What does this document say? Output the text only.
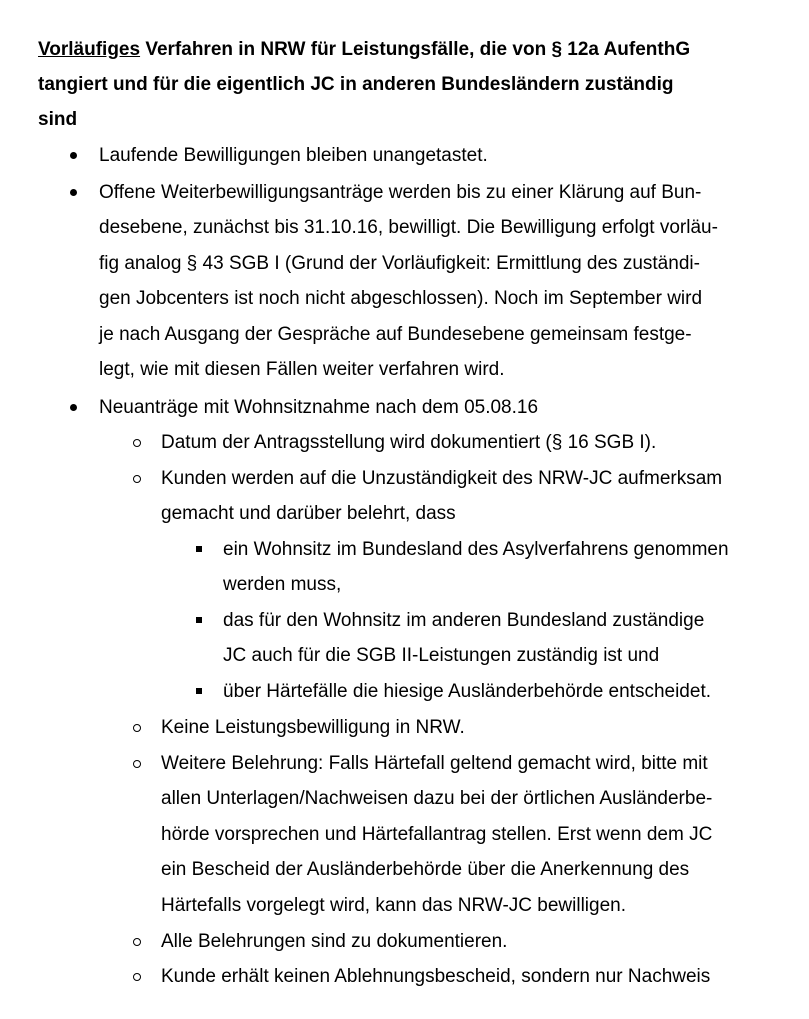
Vorläufiges Verfahren in NRW für Leistungsfälle, die von § 12a AufenthG
tangiert und für die eigentlich JC in anderen Bundesländern zuständig
sind
Laufende Bewilligungen bleiben unangetastet.
Offene Weiterbewilligungsanträge werden bis zu einer Klärung auf Bun-
desebene, zunächst bis 31.10.16, bewilligt. Die Bewilligung erfolgt vorläu-
fig analog § 43 SGB I (Grund der Vorläufigkeit: Ermittlung des zuständi-
gen Jobcenters ist noch nicht abgeschlossen). Noch im September wird
je nach Ausgang der Gespräche auf Bundesebene gemeinsam festge-
legt, wie mit diesen Fällen weiter verfahren wird.
Neuanträge mit Wohnsitznahme nach dem 05.08.16
Datum der Antragsstellung wird dokumentiert (§ 16 SGB I).
Kunden werden auf die Unzuständigkeit des NRW-JC aufmerksam
gemacht und darüber belehrt, dass
ein Wohnsitz im Bundesland des Asylverfahrens genommen
werden muss,
das für den Wohnsitz im anderen Bundesland zuständige
JC auch für die SGB II-Leistungen zuständig ist und
über Härtefälle die hiesige Ausländerbehörde entscheidet.
Keine Leistungsbewilligung in NRW.
Weitere Belehrung: Falls Härtefall geltend gemacht wird, bitte mit
allen Unterlagen/Nachweisen dazu bei der örtlichen Ausländerbe-
hörde vorsprechen und Härtefallantrag stellen. Erst wenn dem JC
ein Bescheid der Ausländerbehörde über die Anerkennung des
Härtefalls vorgelegt wird, kann das NRW-JC bewilligen.
Alle Belehrungen sind zu dokumentieren.
Kunde erhält keinen Ablehnungsbescheid, sondern nur Nachweis
